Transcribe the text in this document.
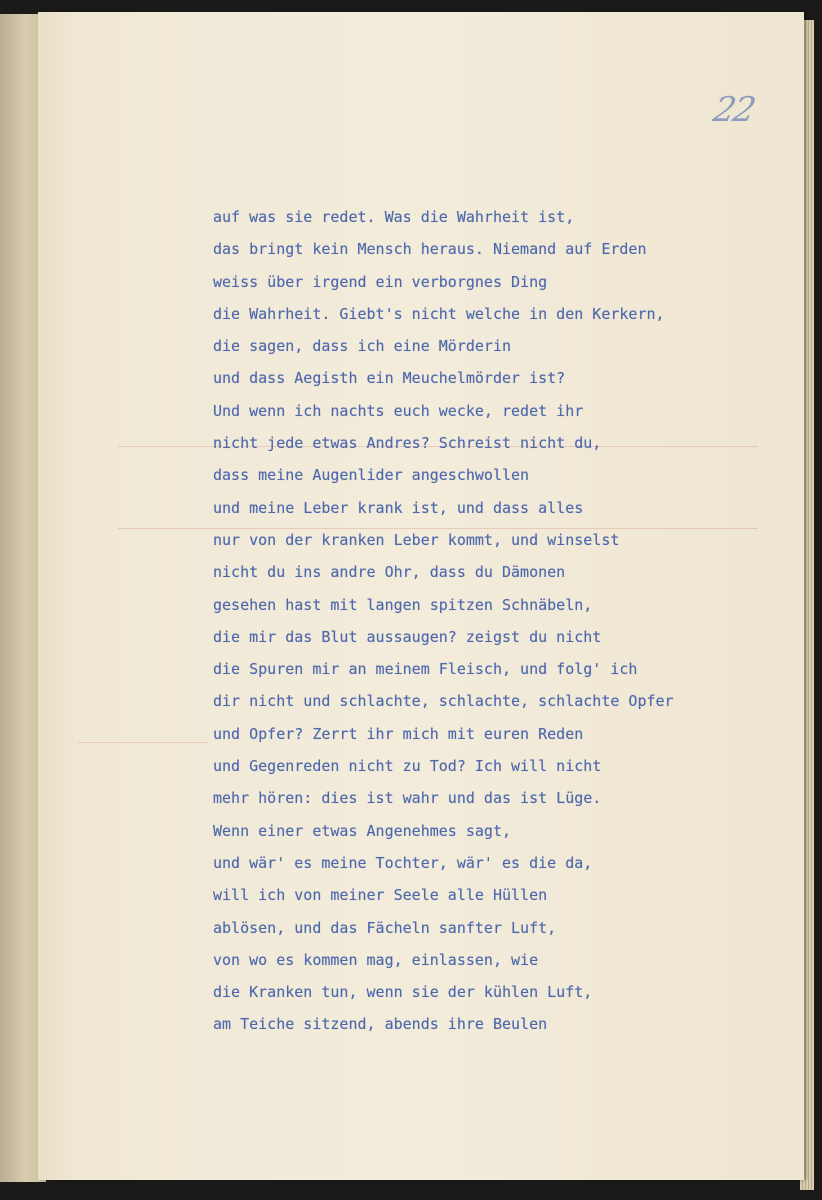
22
auf was sie redet. Was die Wahrheit ist,
das bringt kein Mensch heraus. Niemand auf Erden
weiss über irgend ein verborgnes Ding
die Wahrheit. Giebt's nicht welche in den Kerkern,
die sagen, dass ich eine Mörderin
und dass Aegisth ein Meuchelmörder ist?
Und wenn ich nachts euch wecke, redet ihr
nicht jede etwas Andres? Schreist nicht du,
dass meine Augenlider angeschwollen
und meine Leber krank ist, und dass alles
nur von der kranken Leber kommt, und winselst
nicht du ins andre Ohr, dass du Dämonen
gesehen hast mit langen spitzen Schnäbeln,
die mir das Blut aussaugen? zeigst du nicht
die Spuren mir an meinem Fleisch, und folg' ich
dir nicht und schlachte, schlachte, schlachte Opfer
und Opfer? Zerrt ihr mich mit euren Reden
und Gegenreden nicht zu Tod? Ich will nicht
mehr hören: dies ist wahr und das ist Lüge.
Wenn einer etwas Angenehmes sagt,
und wär' es meine Tochter, wär' es die da,
will ich von meiner Seele alle Hüllen
ablösen, und das Fächeln sanfter Luft,
von wo es kommen mag, einlassen, wie
die Kranken tun, wenn sie der kühlen Luft,
am Teiche sitzend, abends ihre Beulen
